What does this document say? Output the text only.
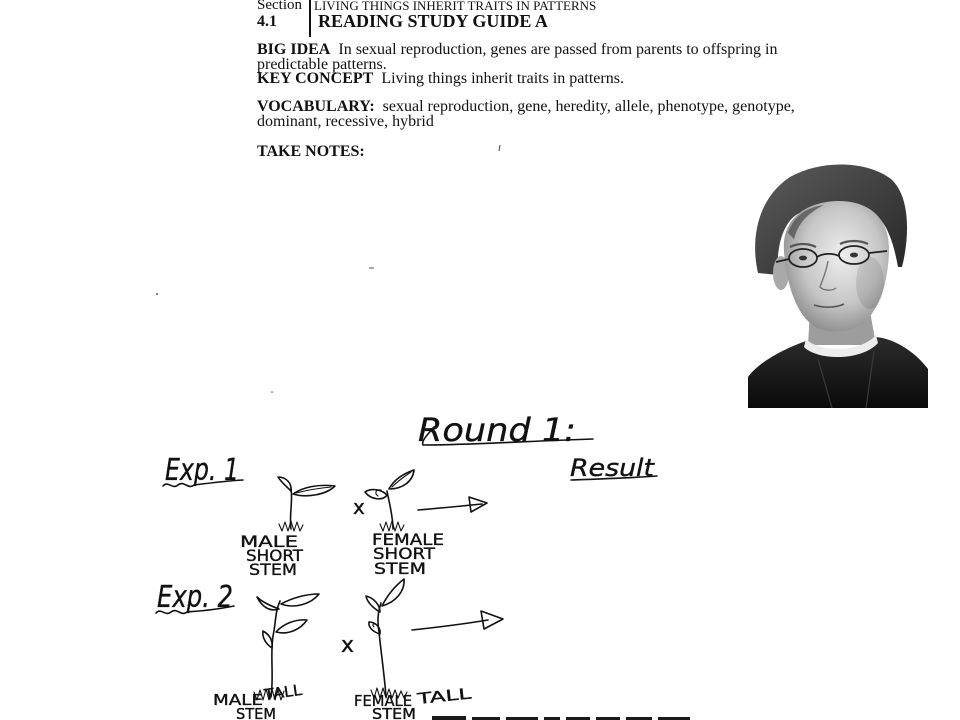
Section LIVING THINGS INHERIT TRAITS IN PATTERNS
4.1 READING STUDY GUIDE A
BIG IDEA In sexual reproduction, genes are passed from parents to offspring in predictable patterns.
KEY CONCEPT Living things inherit traits in patterns.
VOCABULARY: sexual reproduction, gene, heredity, allele, phenotype, genotype, dominant, recessive, hybrid
TAKE NOTES:
Round 1:
Result
Exp. 1
MALE
SHORT
STEM
x
FEMALE
SHORT
STEM
Exp. 2
MALE TALL
STEM
x
FEMALE TALL
STEM
